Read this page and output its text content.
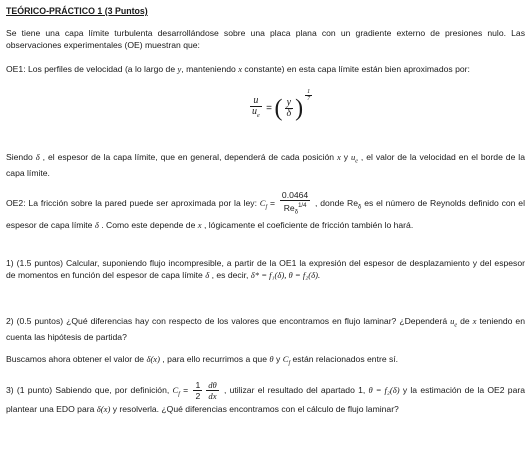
TEÓRICO-PRÁCTICO 1 (3 Puntos)
Se tiene una capa límite turbulenta desarrollándose sobre una placa plana con un gradiente externo de presiones nulo. Las observaciones experimentales (OE) muestran que:
OE1: Los perfiles de velocidad (a lo largo de y, manteniendo x constante) en esta capa límite están bien aproximados por:
$\frac{u}{u_e}$ = ( $\frac{y}{\delta}$ )
$^{\frac{1}{7}}$
Siendo δ , el espesor de la capa límite, que en general, dependerá de cada posición x y $u_e$ , el valor de la velocidad en el borde de la capa límite.
OE2: La fricción sobre la pared puede ser aproximada por la ley: $C_f = \frac{0.0464}{Re_\delta^{1/4}}$ , donde $Re_\delta$ es el número de Reynolds definido con el espesor de capa límite δ . Como este depende de x , lógicamente el coeficiente de fricción también lo hará.
1) (1.5 puntos) Calcular, suponiendo flujo incompresible, a partir de la OE1 la expresión del espesor de desplazamiento y del espesor de momentos en función del espesor de capa límite δ , es decir, δ* = f₁(δ), θ = f₂(δ).
2) (0.5 puntos) ¿Qué diferencias hay con respecto de los valores que encontramos en flujo laminar? ¿Dependerá $u_e$ de x teniendo en cuenta las hipótesis de partida?
Buscamos ahora obtener el valor de δ(x) , para ello recurrimos a que θ y $C_f$ están relacionados entre sí.
3) (1 punto) Sabiendo que, por definición, $C_f = \frac{1}{2} \frac{d\theta}{dx}$ , utilizar el resultado del apartado 1, θ = f₂(δ) y la estimación de la OE2 para plantear una EDO para δ(x) y resolverla. ¿Qué diferencias encontramos con el cálculo de flujo laminar?
